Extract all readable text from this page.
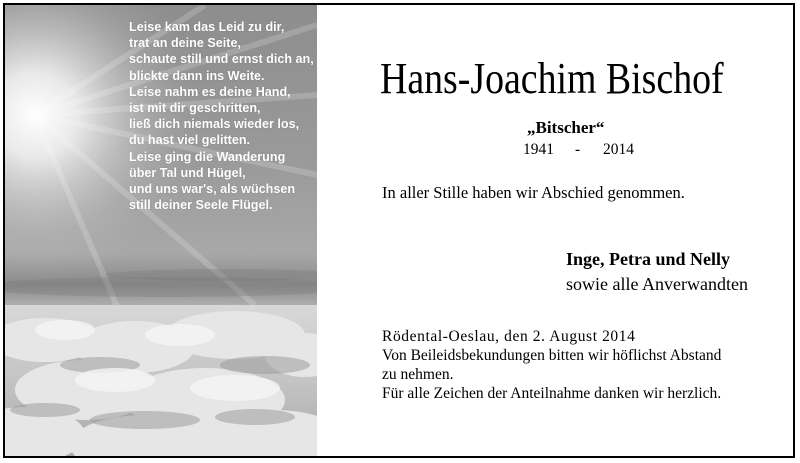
Leise kam das Leid zu dir,
trat an deine Seite,
schaute still und ernst dich an,
blickte dann ins Weite.
Leise nahm es deine Hand,
ist mit dir geschritten,
ließ dich niemals wieder los,
du hast viel gelitten.
Leise ging die Wanderung
über Tal und Hügel,
und uns war's, als wüchsen
still deiner Seele Flügel.
Hans-Joachim Bischof
„Bitscher“
1941 - 2014
In aller Stille haben wir Abschied genommen.
Inge, Petra und Nelly
sowie alle Anverwandten
Rödental-Oeslau, den 2. August 2014
Von Beileidsbekundungen bitten wir höflichst Abstand
zu nehmen.
Für alle Zeichen der Anteilnahme danken wir herzlich.
